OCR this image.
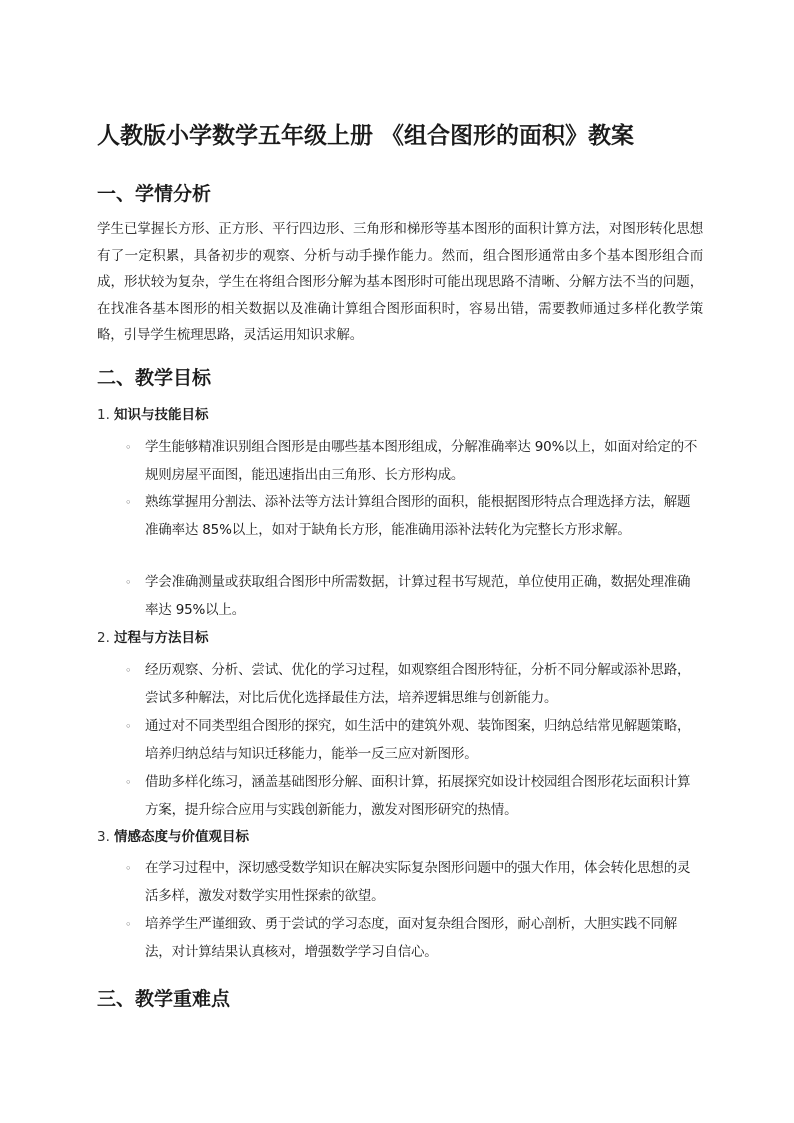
人教版小学数学五年级上册 《组合图形的面积》教案
一、学情分析

学生已掌握长方形、正方形、平行四边形、三角形和梯形等基本图形的面积计算方法，对图形转化思想有了一定积累，具备初步的观察、分析与动手操作能力。然而，组合图形通常由多个基本图形组合而成，形状较为复杂，学生在将组合图形分解为基本图形时可能出现思路不清晰、分解方法不当的问题，在找准各基本图形的相关数据以及准确计算组合图形面积时，容易出错，需要教师通过多样化教学策略，引导学生梳理思路，灵活运用知识求解。

二、教学目标
1. 知识与技能目标
◦	学生能够精准识别组合图形是由哪些基本图形组成，分解准确率达 90%以上，如面对给定的不规则房屋平面图，能迅速指出由三角形、长方形构成。
◦	熟练掌握用分割法、添补法等方法计算组合图形的面积，能根据图形特点合理选择方法，解题准确率达 85%以上，如对于缺角长方形，能准确用添补法转化为完整长方形求解。
◦	学会准确测量或获取组合图形中所需数据，计算过程书写规范，单位使用正确，数据处理准确率达 95%以上。
2. 过程与方法目标
◦	经历观察、分析、尝试、优化的学习过程，如观察组合图形特征，分析不同分解或添补思路，尝试多种解法，对比后优化选择最佳方法，培养逻辑思维与创新能力。
◦	通过对不同类型组合图形的探究，如生活中的建筑外观、装饰图案，归纳总结常见解题策略，培养归纳总结与知识迁移能力，能举一反三应对新图形。
◦	借助多样化练习，涵盖基础图形分解、面积计算，拓展探究如设计校园组合图形花坛面积计算方案，提升综合应用与实践创新能力，激发对图形研究的热情。
3. 情感态度与价值观目标
◦	在学习过程中，深切感受数学知识在解决实际复杂图形问题中的强大作用，体会转化思想的灵活多样，激发对数学实用性探索的欲望。
◦	培养学生严谨细致、勇于尝试的学习态度，面对复杂组合图形，耐心剖析，大胆实践不同解法，对计算结果认真核对，增强数学学习自信心。
三、教学重难点
